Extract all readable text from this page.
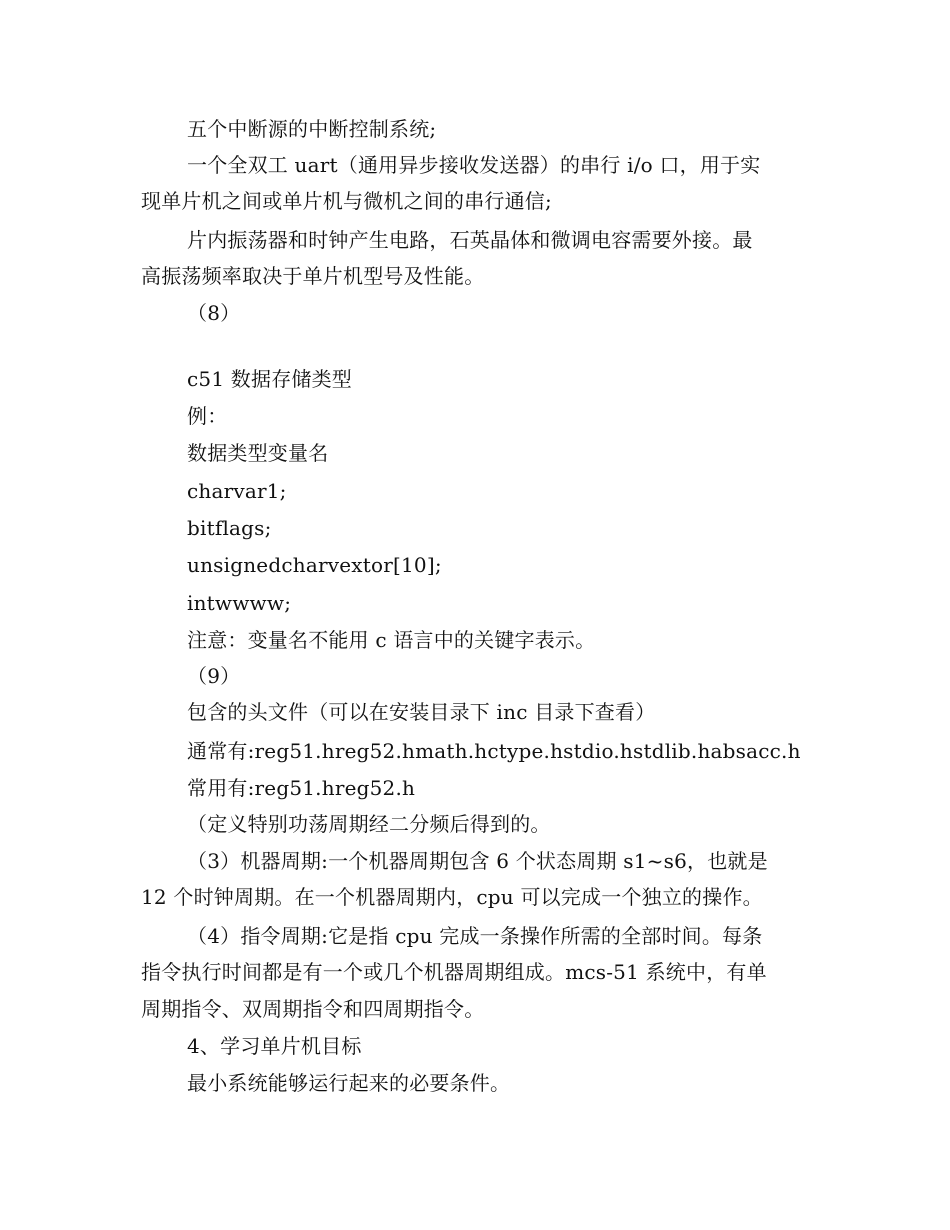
五个中断源的中断控制系统;
一个全双工 uart（通用异步接收发送器）的串行 i/o 口，用于实
现单片机之间或单片机与微机之间的串行通信;
片内振荡器和时钟产生电路，石英晶体和微调电容需要外接。最
高振荡频率取决于单片机型号及性能。
（8）
c51 数据存储类型
例：
数据类型变量名
charvar1;
bitflags;
unsignedcharvextor[10];
intwwww;
注意：变量名不能用 c 语言中的关键字表示。
（9）
包含的头文件（可以在安装目录下 inc 目录下查看）
通常有:reg51.hreg52.hmath.hctype.hstdio.hstdlib.habsacc.h
常用有:reg51.hreg52.h
（定义特别功荡周期经二分频后得到的。
（3）机器周期:一个机器周期包含 6 个状态周期 s1~s6，也就是
12 个时钟周期。在一个机器周期内，cpu 可以完成一个独立的操作。
（4）指令周期:它是指 cpu 完成一条操作所需的全部时间。每条
指令执行时间都是有一个或几个机器周期组成。mcs-51 系统中，有单
周期指令、双周期指令和四周期指令。
4、学习单片机目标
最小系统能够运行起来的必要条件。
